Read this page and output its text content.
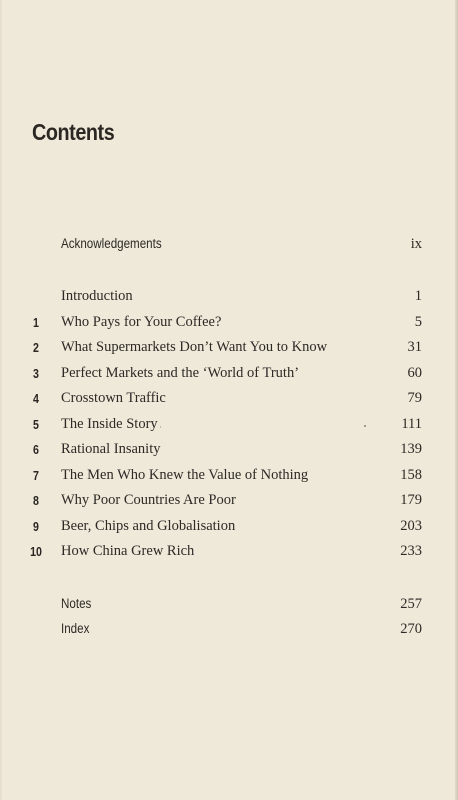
Contents
Acknowledgements	ix
Introduction	1
1	Who Pays for Your Coffee?	5
2	What Supermarkets Don’t Want You to Know	31
3	Perfect Markets and the ‘World of Truth’	60
4	Crosstown Traffic	79
5	The Inside Story	111
6	Rational Insanity	139
7	The Men Who Knew the Value of Nothing	158
8	Why Poor Countries Are Poor	179
9	Beer, Chips and Globalisation	203
10 How China Grew Rich	233
Notes	257
Index	270
